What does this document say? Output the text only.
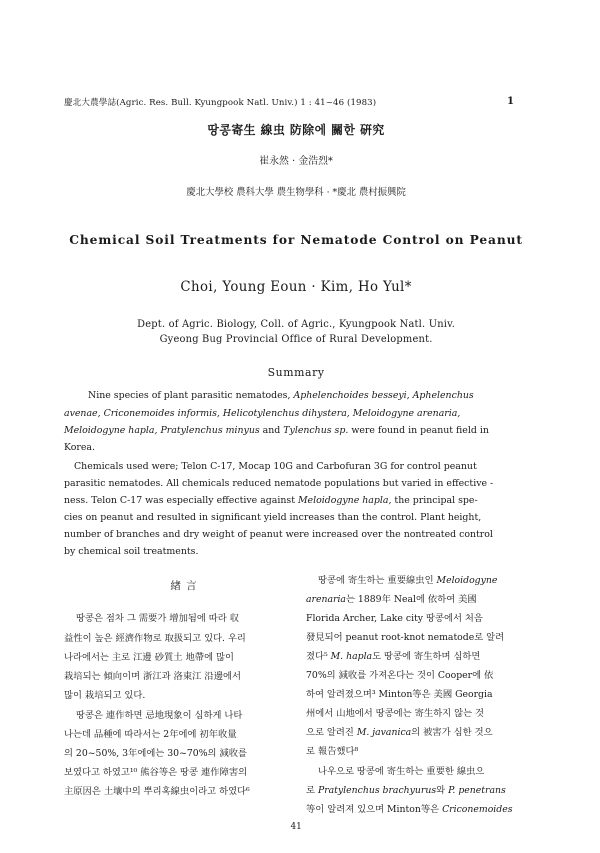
慶北大農學誌(Agric. Res. Bull. Kyungpook Natl. Univ.) 1 : 41~46 (1983)	1
땅콩寄生 線虫 防除에 關한 硏究
崔永然 · 金浩烈*
慶北大學校 農科大學 農生物學科 · *慶北 農村振興院
Chemical Soil Treatments for Nematode Control on Peanut
Choi, Young Eoun · Kim, Ho Yul*
Dept. of Agric. Biology, Coll. of Agric., Kyungpook Natl. Univ.
Gyeong Bug Provincial Office of Rural Development.
Summary
Nine species of plant parasitic nematodes, Aphelenchoides besseyi, Aphelenchus
avenae, Criconemoides informis, Helicotylenchus dihystera, Meloidogyne arenaria,
Meloidogyne hapla, Pratylenchus minyus and Tylenchus sp. were found in peanut field in
Korea.
Chemicals used were; Telon C-17, Mocap 10G and Carbofuran 3G for control peanut
parasitic nematodes. All chemicals reduced nematode populations but varied in effective -
ness. Telon C-17 was especially effective against Meloidogyne hapla, the principal spe-
cies on peanut and resulted in significant yield increases than the control. Plant height,
number of branches and dry weight of peanut were increased over the nontreated control
by chemical soil treatments.
緖 言
땅콩은 점차 그 需要가 增加됨에 따라 収
益性이 높은 經濟作物로 取扱되고 있다. 우리
나라에서는 主로 江邊 砂質土 地帶에 많이
栽培되는 傾向이며 浙江과 洛東江 沿邊에서
많이 栽培되고 있다.
땅콩은 連作하면 忌地現象이 심하게 나타
나는데 品種에 따라서는 2年에에 初年收量
의 20~50%, 3年에에는 30~70%의 減收를
보였다고 하였고¹⁰ 熊谷等은 땅콩 連作障害의
主原因은 土壤中의 뿌리혹線虫이라고 하였다⁶
땅콩에 寄生하는 重要線虫인 Meloidogyne
arenaria는 1889年 Neal에 依하여 美國
Florida Archer, Lake city 땅콩에서 처음
發見되어 peanut root-knot nematode로 알려
졌다⁵ M. hapla도 땅콩에 寄生하며 심하면
70%의 減收를 가져온다는 것이 Cooper에 依
하여 알려졌으며³ Minton等은 美國 Georgia
州에서 山地에서 땅콩에는 寄生하지 않는 것
으로 알려진 M. javanica의 被害가 심한 것으
로 報告했다⁸
나우으로 땅콩에 寄生하는 重要한 線虫으
로 Pratylenchus brachyurus와 P. penetrans
等이 알려져 있으며 Minton等은 Criconemoides
41
